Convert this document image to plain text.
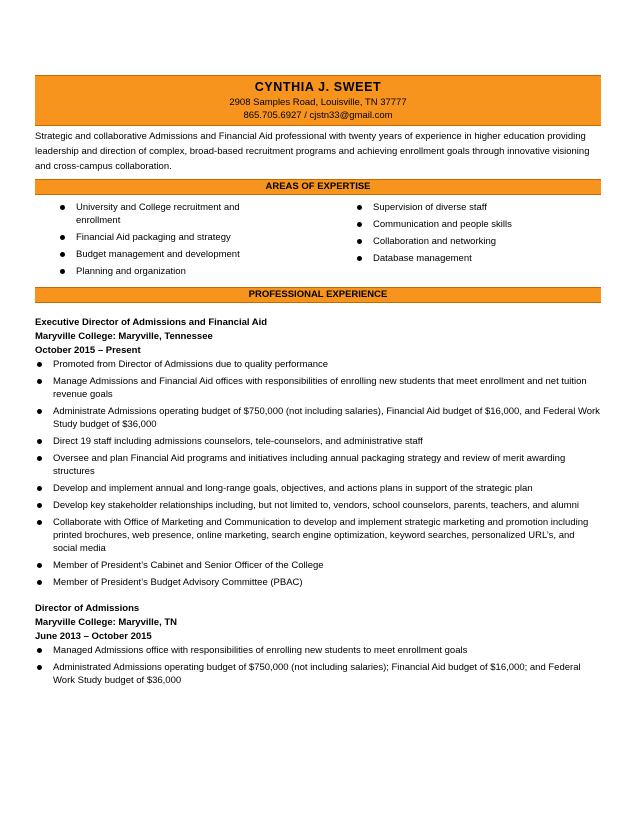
CYNTHIA J. SWEET
2908 Samples Road, Louisville, TN 37777
865.705.6927 / cjstn33@gmail.com

Strategic and collaborative Admissions and Financial Aid professional with twenty years of experience in higher education providing leadership and direction of complex, broad-based recruitment programs and achieving enrollment goals through innovative visioning and cross-campus collaboration.

AREAS OF EXPERTISE
University and College recruitment and enrollment
Financial Aid packaging and strategy
Budget management and development
Planning and organization
Supervision of diverse staff
Communication and people skills
Collaboration and networking
Database management
PROFESSIONAL EXPERIENCE
Executive Director of Admissions and Financial Aid
Maryville College: Maryville, Tennessee
October 2015 – Present
Promoted from Director of Admissions due to quality performance
Manage Admissions and Financial Aid offices with responsibilities of enrolling new students that meet enrollment and net tuition revenue goals
Administrate Admissions operating budget of $750,000 (not including salaries), Financial Aid budget of $16,000, and Federal Work Study budget of $36,000
Direct 19 staff including admissions counselors, tele-counselors, and administrative staff
Oversee and plan Financial Aid programs and initiatives including annual packaging strategy and review of merit awarding structures
Develop and implement annual and long-range goals, objectives, and actions plans in support of the strategic plan
Develop key stakeholder relationships including, but not limited to, vendors, school counselors, parents, teachers, and alumni
Collaborate with Office of Marketing and Communication to develop and implement strategic marketing and promotion including printed brochures, web presence, online marketing, search engine optimization, keyword searches, personalized URL’s, and social media
Member of President’s Cabinet and Senior Officer of the College
Member of President’s Budget Advisory Committee (PBAC)
Director of Admissions
Maryville College: Maryville, TN
June 2013 – October 2015
Managed Admissions office with responsibilities of enrolling new students to meet enrollment goals
Administrated Admissions operating budget of $750,000 (not including salaries); Financial Aid budget of $16,000; and Federal Work Study budget of $36,000
